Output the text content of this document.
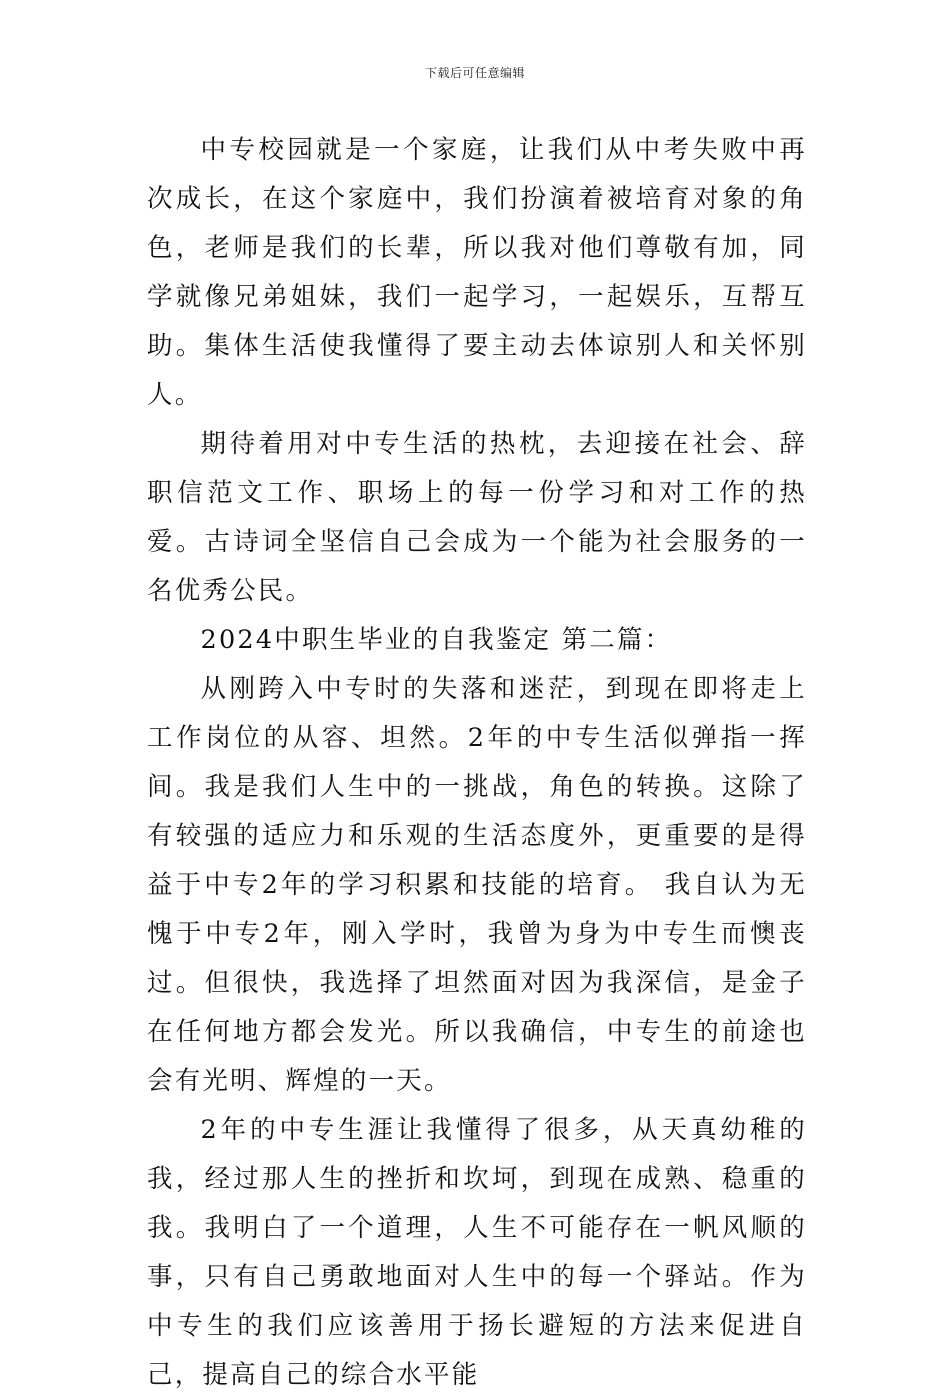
下载后可任意编辑

中专校园就是一个家庭，让我们从中考失败中再次成长，在这个家庭中，我们扮演着被培育对象的角色，老师是我们的长辈，所以我对他们尊敬有加，同学就像兄弟姐妹，我们一起学习，一起娱乐，互帮互助。集体生活使我懂得了要主动去体谅别人和关怀别人。

期待着用对中专生活的热枕，去迎接在社会、辞职信范文工作、职场上的每一份学习和对工作的热爱。古诗词全坚信自己会成为一个能为社会服务的一名优秀公民。

2024中职生毕业的自我鉴定 第二篇：

从刚跨入中专时的失落和迷茫，到现在即将走上工作岗位的从容、坦然。2年的中专生活似弹指一挥间。我是我们人生中的一挑战，角色的转换。这除了有较强的适应力和乐观的生活态度外，更重要的是得益于中专2年的学习积累和技能的培育。 我自认为无愧于中专2年，刚入学时，我曾为身为中专生而懊丧过。但很快，我选择了坦然面对因为我深信，是金子在任何地方都会发光。所以我确信，中专生的前途也会有光明、辉煌的一天。

2年的中专生涯让我懂得了很多，从天真幼稚的我，经过那人生的挫折和坎坷，到现在成熟、稳重的我。我明白了一个道理，人生不可能存在一帆风顺的事，只有自己勇敢地面对人生中的每一个驿站。作为中专生的我们应该善用于扬长避短的方法来促进自己，提高自己的综合水平能
